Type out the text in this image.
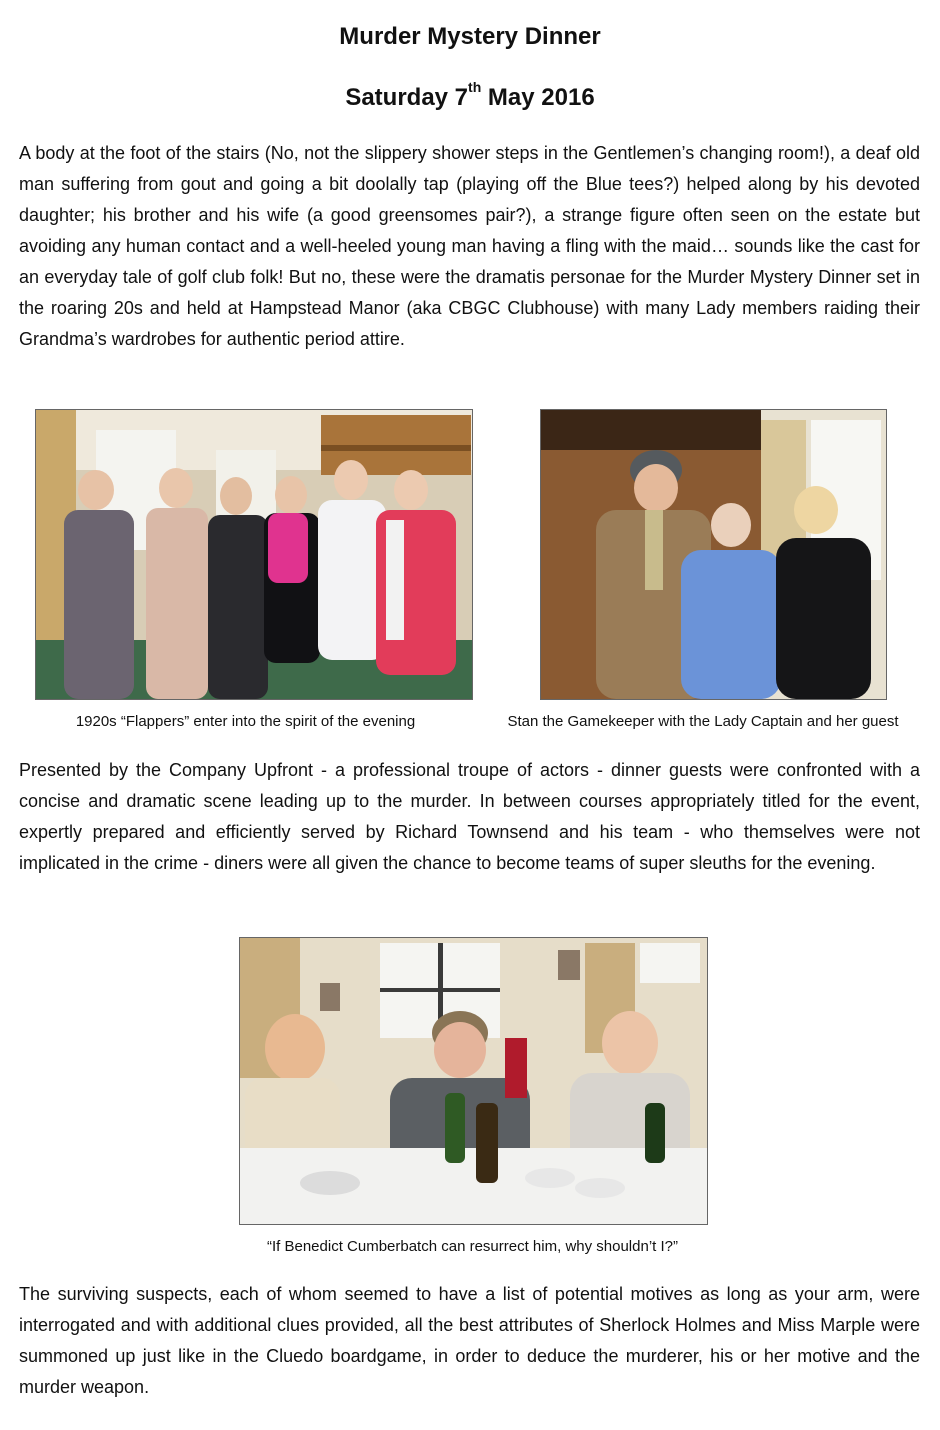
Murder Mystery Dinner
Saturday 7th May 2016

A body at the foot of the stairs (No, not the slippery shower steps in the Gentlemen’s changing room!), a deaf old man suffering from gout and going a bit doolally tap (playing off the Blue tees?) helped along by his devoted daughter; his brother and his wife (a good greensomes pair?), a strange figure often seen on the estate but avoiding any human contact and a well-heeled young man having a fling with the maid… sounds like the cast for an everyday tale of golf club folk! But no, these were the dramatis personae for the Murder Mystery Dinner set in the roaring 20s and held at Hampstead Manor (aka CBGC Clubhouse) with many Lady members raiding their Grandma’s wardrobes for authentic period attire.

1920s “Flappers” enter into the spirit of the evening	Stan the Gamekeeper with the Lady Captain and her guest

Presented by the Company Upfront - a professional troupe of actors - dinner guests were confronted with a concise and dramatic scene leading up to the murder. In between courses appropriately titled for the event, expertly prepared and efficiently served by Richard Townsend and his team - who themselves were not implicated in the crime - diners were all given the chance to become teams of super sleuths for the evening.

“If Benedict Cumberbatch can resurrect him, why shouldn’t I?”

The surviving suspects, each of whom seemed to have a list of potential motives as long as your arm, were interrogated and with additional clues provided, all the best attributes of Sherlock Holmes and Miss Marple were summoned up just like in the Cluedo boardgame, in order to deduce the murderer, his or her motive and the murder weapon.
